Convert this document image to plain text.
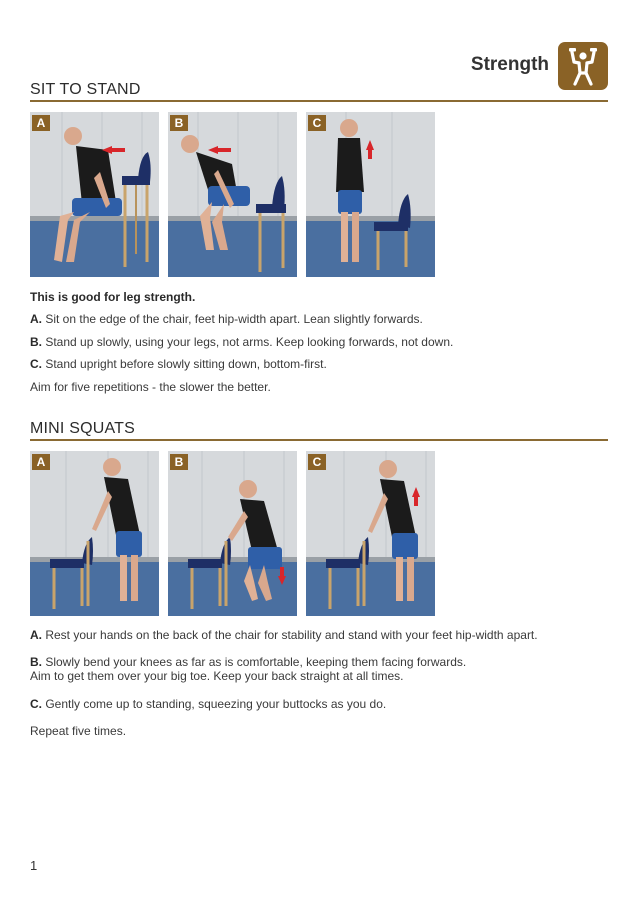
Strength
SIT TO STAND
A	B	C
This is good for leg strength.
A. Sit on the edge of the chair, feet hip-width apart. Lean slightly forwards.
B. Stand up slowly, using your legs, not arms. Keep looking forwards, not down.
C. Stand upright before slowly sitting down, bottom-first.
Aim for five repetitions - the slower the better.
MINI SQUATS
A	B	C
A. Rest your hands on the back of the chair for stability and stand with your feet hip-width apart.
B. Slowly bend your knees as far as is comfortable, keeping them facing forwards.
Aim to get them over your big toe. Keep your back straight at all times.
C. Gently come up to standing, squeezing your buttocks as you do.
Repeat five times.
1
